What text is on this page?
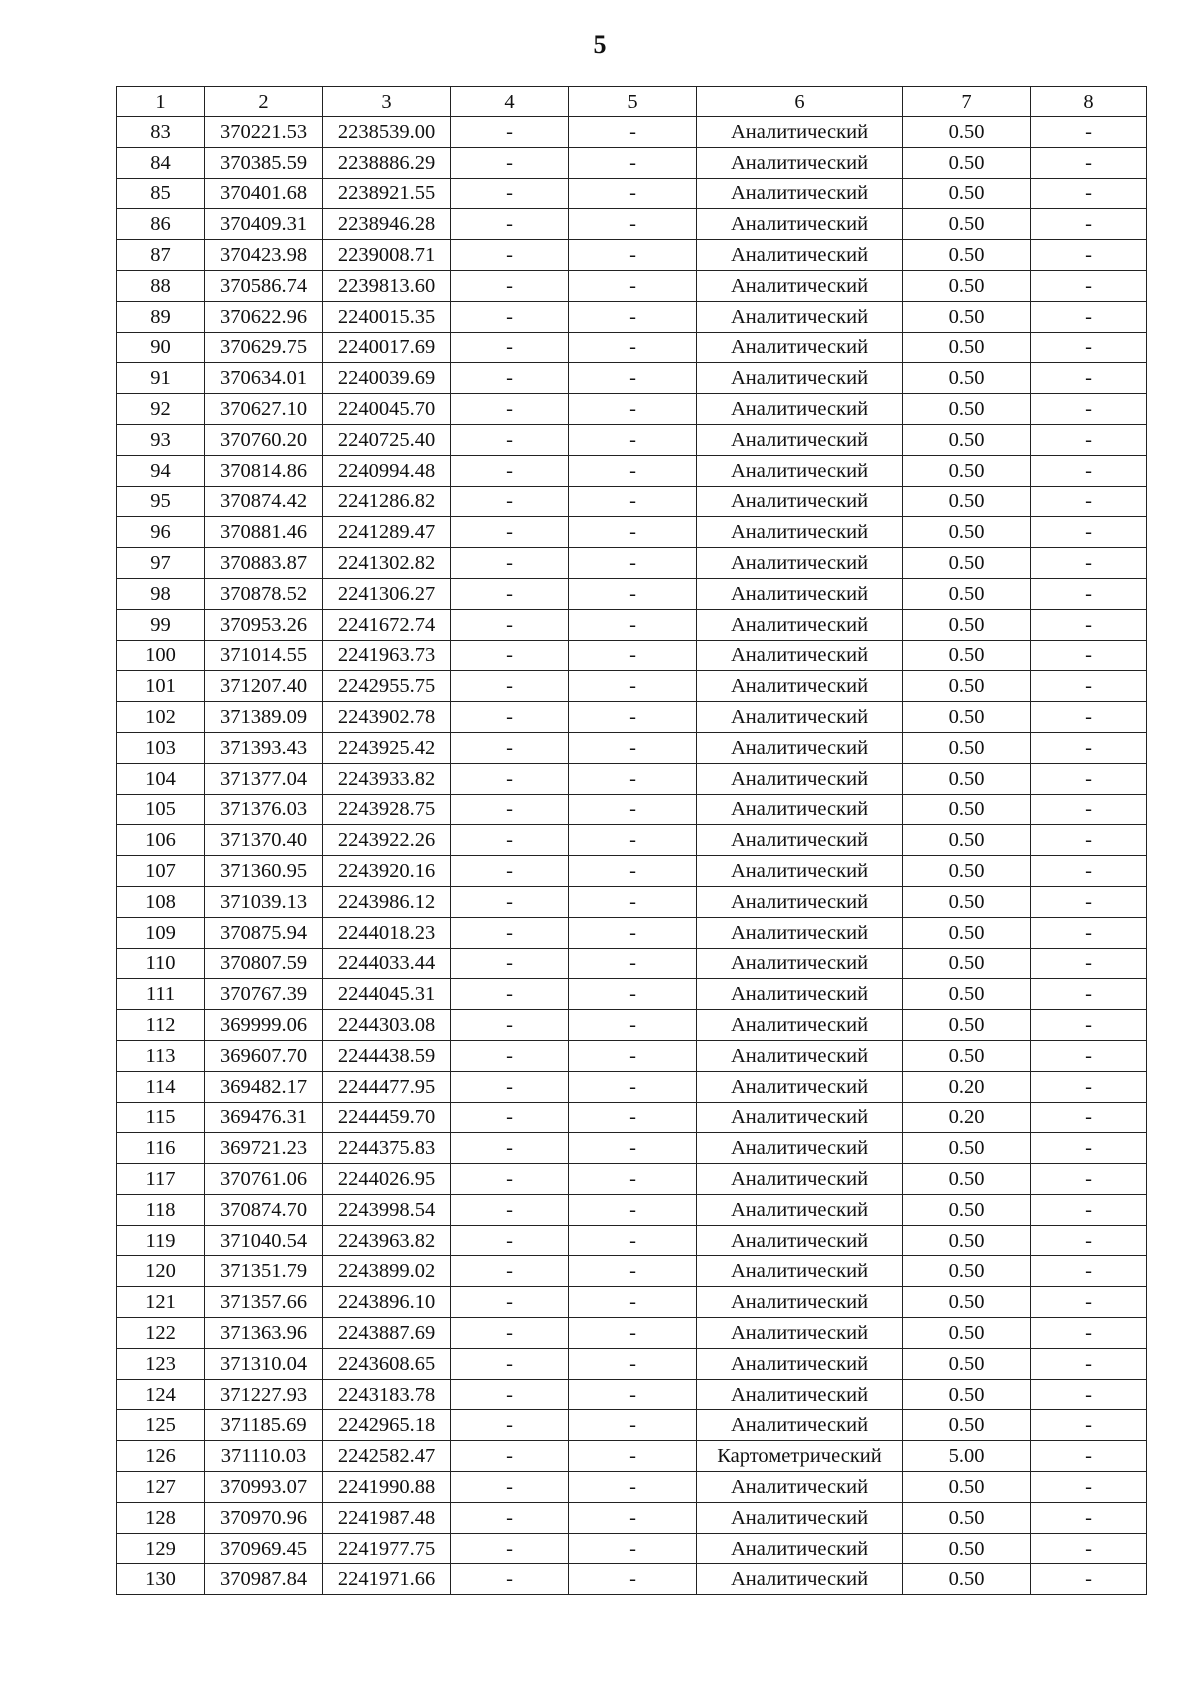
5
1	2	3	4	5	6	7	8
83	370221.53	2238539.00	-	-	Аналитический	0.50	-
84	370385.59	2238886.29	-	-	Аналитический	0.50	-
85	370401.68	2238921.55	-	-	Аналитический	0.50	-
86	370409.31	2238946.28	-	-	Аналитический	0.50	-
87	370423.98	2239008.71	-	-	Аналитический	0.50	-
88	370586.74	2239813.60	-	-	Аналитический	0.50	-
89	370622.96	2240015.35	-	-	Аналитический	0.50	-
90	370629.75	2240017.69	-	-	Аналитический	0.50	-
91	370634.01	2240039.69	-	-	Аналитический	0.50	-
92	370627.10	2240045.70	-	-	Аналитический	0.50	-
93	370760.20	2240725.40	-	-	Аналитический	0.50	-
94	370814.86	2240994.48	-	-	Аналитический	0.50	-
95	370874.42	2241286.82	-	-	Аналитический	0.50	-
96	370881.46	2241289.47	-	-	Аналитический	0.50	-
97	370883.87	2241302.82	-	-	Аналитический	0.50	-
98	370878.52	2241306.27	-	-	Аналитический	0.50	-
99	370953.26	2241672.74	-	-	Аналитический	0.50	-
100	371014.55	2241963.73	-	-	Аналитический	0.50	-
101	371207.40	2242955.75	-	-	Аналитический	0.50	-
102	371389.09	2243902.78	-	-	Аналитический	0.50	-
103	371393.43	2243925.42	-	-	Аналитический	0.50	-
104	371377.04	2243933.82	-	-	Аналитический	0.50	-
105	371376.03	2243928.75	-	-	Аналитический	0.50	-
106	371370.40	2243922.26	-	-	Аналитический	0.50	-
107	371360.95	2243920.16	-	-	Аналитический	0.50	-
108	371039.13	2243986.12	-	-	Аналитический	0.50	-
109	370875.94	2244018.23	-	-	Аналитический	0.50	-
110	370807.59	2244033.44	-	-	Аналитический	0.50	-
111	370767.39	2244045.31	-	-	Аналитический	0.50	-
112	369999.06	2244303.08	-	-	Аналитический	0.50	-
113	369607.70	2244438.59	-	-	Аналитический	0.50	-
114	369482.17	2244477.95	-	-	Аналитический	0.20	-
115	369476.31	2244459.70	-	-	Аналитический	0.20	-
116	369721.23	2244375.83	-	-	Аналитический	0.50	-
117	370761.06	2244026.95	-	-	Аналитический	0.50	-
118	370874.70	2243998.54	-	-	Аналитический	0.50	-
119	371040.54	2243963.82	-	-	Аналитический	0.50	-
120	371351.79	2243899.02	-	-	Аналитический	0.50	-
121	371357.66	2243896.10	-	-	Аналитический	0.50	-
122	371363.96	2243887.69	-	-	Аналитический	0.50	-
123	371310.04	2243608.65	-	-	Аналитический	0.50	-
124	371227.93	2243183.78	-	-	Аналитический	0.50	-
125	371185.69	2242965.18	-	-	Аналитический	0.50	-
126	371110.03	2242582.47	-	-	Картометрический	5.00	-
127	370993.07	2241990.88	-	-	Аналитический	0.50	-
128	370970.96	2241987.48	-	-	Аналитический	0.50	-
129	370969.45	2241977.75	-	-	Аналитический	0.50	-
130	370987.84	2241971.66	-	-	Аналитический	0.50	-
